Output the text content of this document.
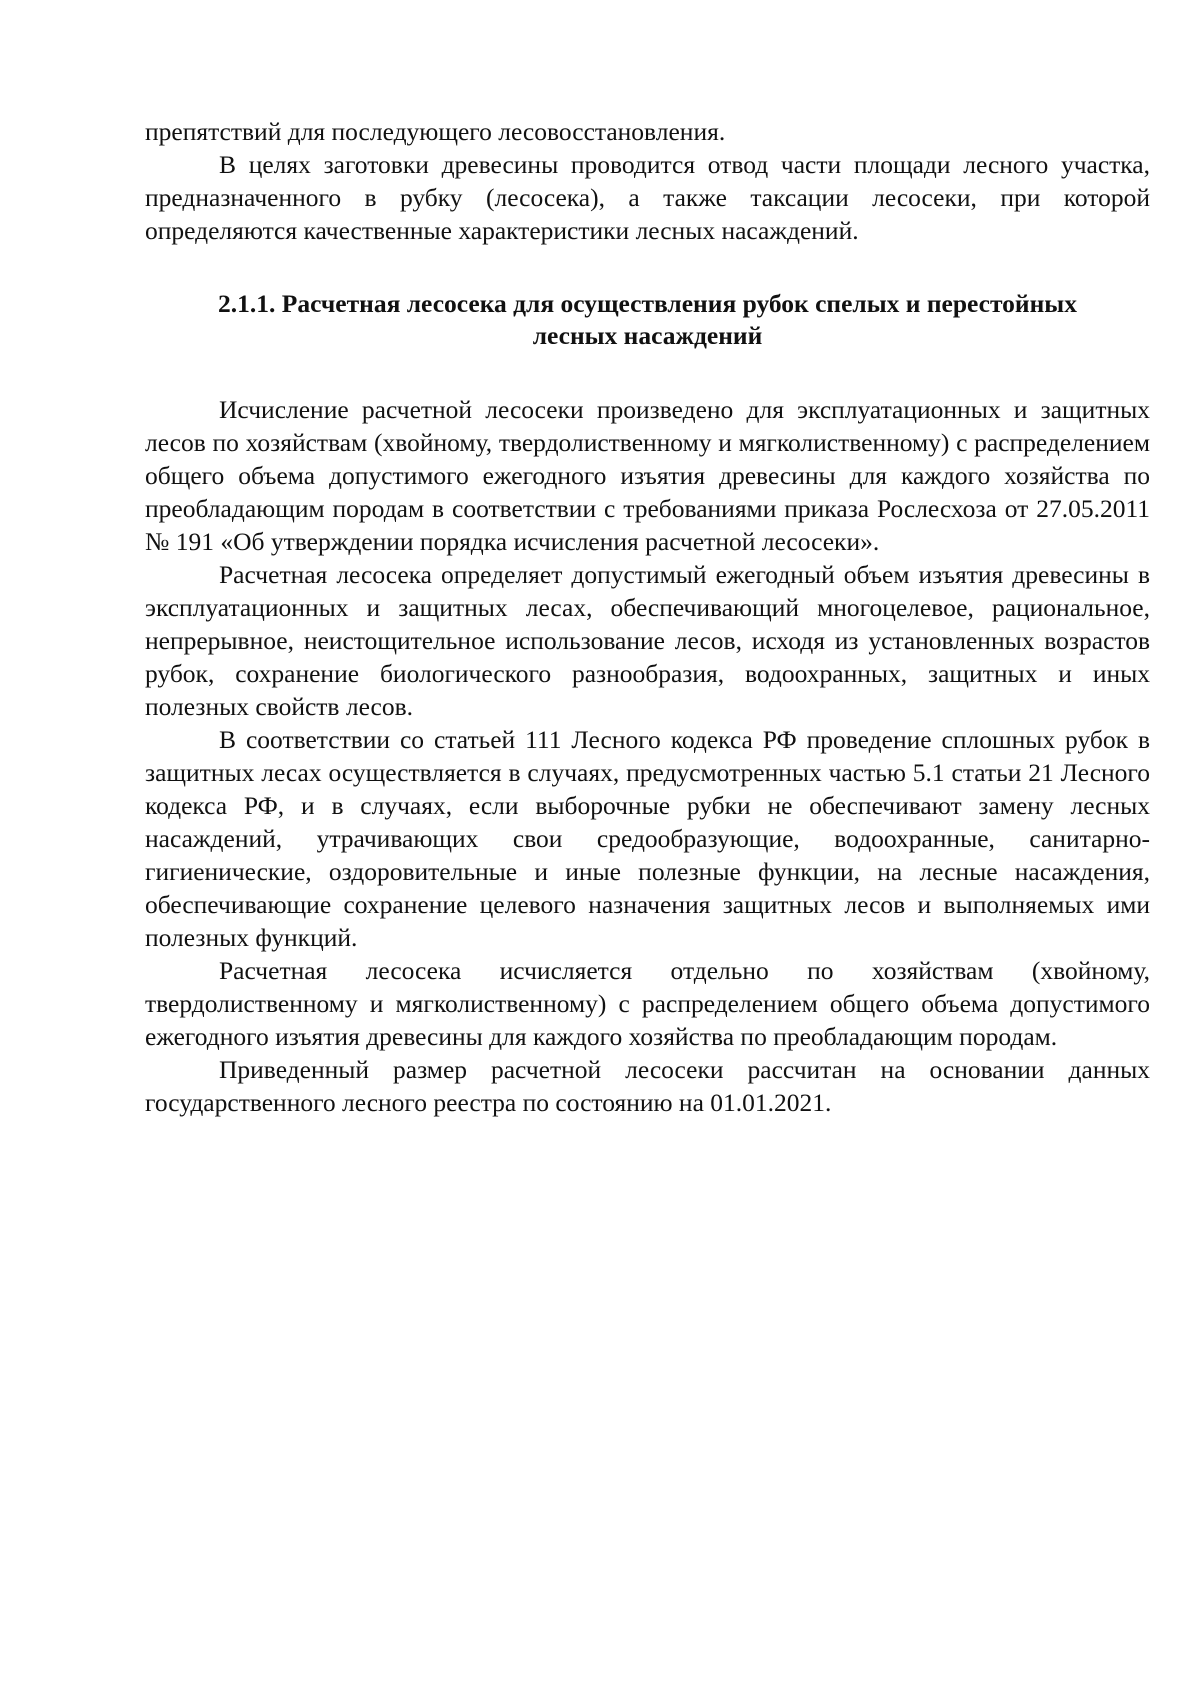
препятствий для последующего лесовосстановления.

В целях заготовки древесины проводится отвод части площади лесного участка, предназначенного в рубку (лесосека), а также таксации лесосеки, при которой определяются качественные характеристики лесных насаждений.

2.1.1. Расчетная лесосека для осуществления рубок спелых и перестойных
лесных насаждений

Исчисление расчетной лесосеки произведено для эксплуатационных и защитных лесов по хозяйствам (хвойному, твердолиственному и мягколиственному) с распределением общего объема допустимого ежегодного изъятия древесины для каждого хозяйства по преобладающим породам в соответствии с требованиями приказа Рослесхоза от 27.05.2011 № 191 «Об утверждении порядка исчисления расчетной лесосеки».

Расчетная лесосека определяет допустимый ежегодный объем изъятия древесины в эксплуатационных и защитных лесах, обеспечивающий многоцелевое, рациональное, непрерывное, неистощительное использование лесов, исходя из установленных возрастов рубок, сохранение биологического разнообразия, водоохранных, защитных и иных полезных свойств лесов.

В соответствии со статьей 111 Лесного кодекса РФ проведение сплошных рубок в защитных лесах осуществляется в случаях, предусмотренных частью 5.1 статьи 21 Лесного кодекса РФ, и в случаях, если выборочные рубки не обеспечивают замену лесных насаждений, утрачивающих свои средообразующие, водоохранные, санитарно-гигиенические, оздоровительные и иные полезные функции, на лесные насаждения, обеспечивающие сохранение целевого назначения защитных лесов и выполняемых ими полезных функций.

Расчетная лесосека исчисляется отдельно по хозяйствам (хвойному, твердолиственному и мягколиственному) с распределением общего объема допустимого ежегодного изъятия древесины для каждого хозяйства по преобладающим породам.

Приведенный размер расчетной лесосеки рассчитан на основании данных государственного лесного реестра по состоянию на 01.01.2021.
